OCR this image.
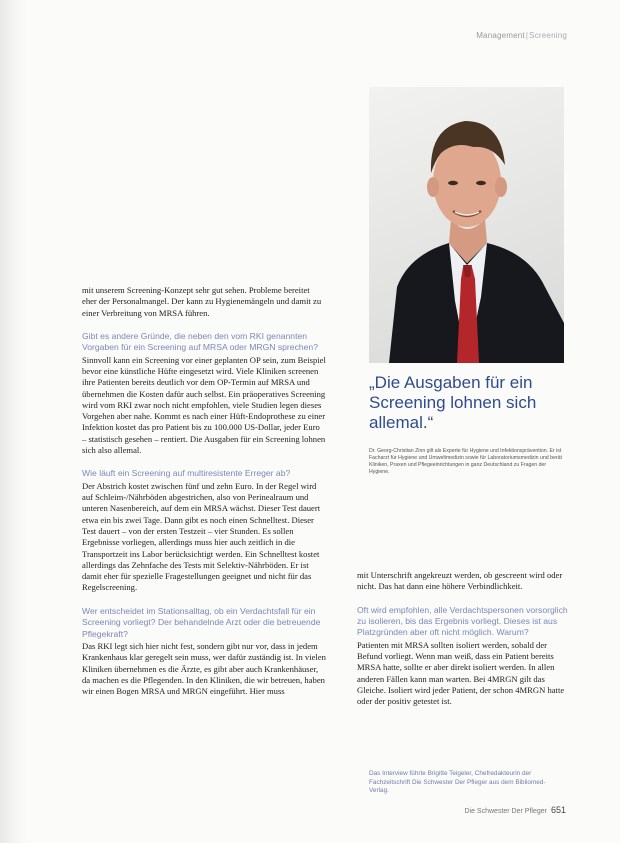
Management|Screening

mit unserem Screening-Konzept sehr gut sehen. Probleme bereitet eher der Personalmangel. Der kann zu Hygienemängeln und damit zu einer Verbreitung von MRSA führen.

Gibt es andere Gründe, die neben den vom RKI genannten Vorgaben für ein Screening auf MRSA oder MRGN sprechen?

Sinnvoll kann ein Screening vor einer geplanten OP sein, zum Beispiel bevor eine künstliche Hüfte eingesetzt wird. Viele Kliniken screenen ihre Patienten bereits deutlich vor dem OP-Termin auf MRSA und übernehmen die Kosten dafür auch selbst. Ein präoperatives Screening wird vom RKI zwar noch nicht empfohlen, viele Studien legen dieses Vorgehen aber nahe. Kommt es nach einer Hüft-Endoprothese zu einer Infektion kostet das pro Patient bis zu 100.000 US-Dollar, jeder Euro – statistisch gesehen – rentiert. Die Ausgaben für ein Screening lohnen sich also allemal.

Wie läuft ein Screening auf multiresistente Erreger ab?

Der Abstrich kostet zwischen fünf und zehn Euro. In der Regel wird auf Schleim-/Nährböden abgestrichen, also von Perinealraum und unteren Nasenbereich, auf dem ein MRSA wächst. Dieser Test dauert etwa ein bis zwei Tage. Dann gibt es noch einen Schnelltest. Dieser Test dauert – von der ersten Testzeit – vier Stunden. Es sollen Ergebnisse vorliegen, allerdings muss hier auch zeitlich in die Transportzeit ins Labor berücksichtigt werden. Ein Schnelltest kostet allerdings das Zehnfache des Tests mit Selektiv-Nährböden. Er ist damit eher für spezielle Fragestellungen geeignet und nicht für das Regelscreening.

Wer entscheidet im Stationsalltag, ob ein Verdachtsfall für ein Screening vorliegt? Der behandelnde Arzt oder die betreuende Pflegekraft?

Das RKI legt sich hier nicht fest, sondern gibt nur vor, dass in jedem Krankenhaus klar geregelt sein muss, wer dafür zuständig ist. In vielen Kliniken übernehmen es die Ärzte, es gibt aber auch Krankenhäuser, da machen es die Pflegenden. In den Kliniken, die wir betreuen, haben wir einen Bogen MRSA und MRGN eingeführt. Hier muss

„Die Ausgaben für ein Screening lohnen sich allemal.“
Dr. Georg-Christian Zinn gilt als Experte für Hygiene und Infektionsprävention. Er ist Facharzt für Hygiene und Umweltmedizin sowie für Laboratoriumsmedizin und berät Kliniken, Praxen und Pflegeeinrichtungen in ganz Deutschland zu Fragen der Hygiene.

mit Unterschrift angekreuzt werden, ob gescreent wird oder nicht. Das hat dann eine höhere Verbindlichkeit.

Oft wird empfohlen, alle Verdachtspersonen vorsorglich zu isolieren, bis das Ergebnis vorliegt. Dieses ist aus Platzgründen aber oft nicht möglich. Warum?

Patienten mit MRSA sollten isoliert werden, sobald der Befund vorliegt. Wenn man weiß, dass ein Patient bereits MRSA hatte, sollte er aber direkt isoliert werden. In allen anderen Fällen kann man warten. Bei 4MRGN gilt das Gleiche. Isoliert wird jeder Patient, der schon 4MRGN hatte oder der positiv getestet ist.

Das Interview führte Brigitte Teigeler, Chefredakteurin der Fachzeitschrift Die Schwester Der Pfleger aus dem Bibliomed-Verlag.
Die Schwester Der Pfleger 651
